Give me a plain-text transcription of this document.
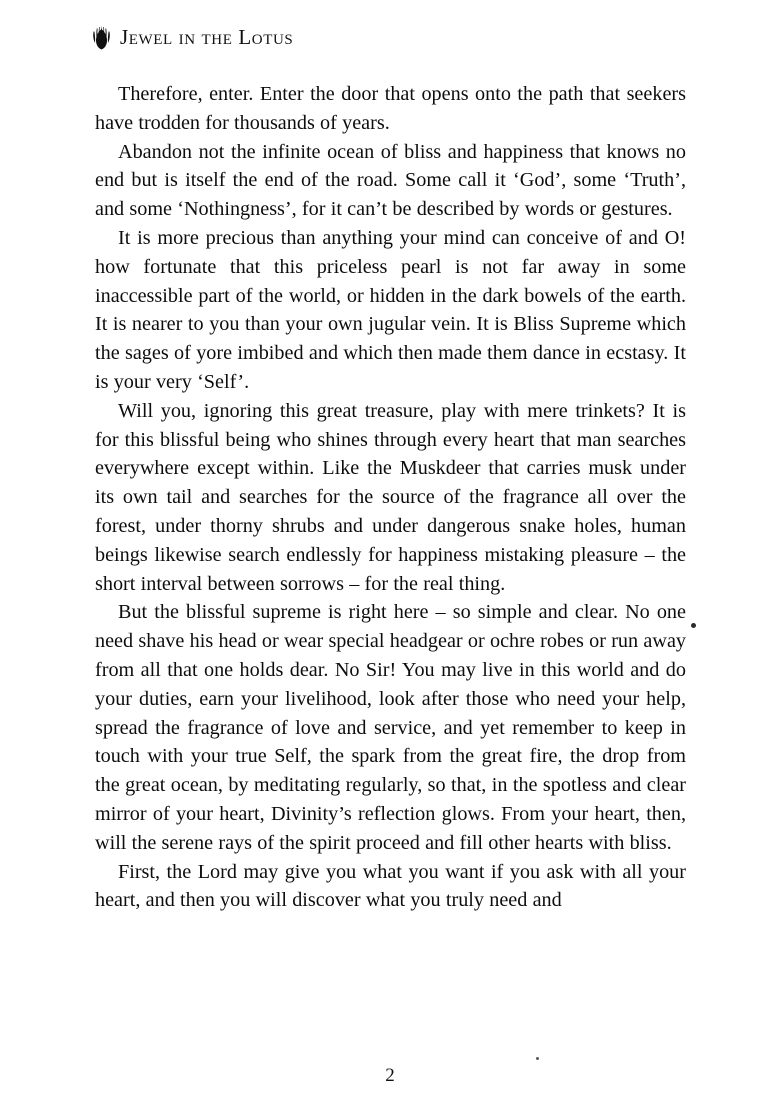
Jewel in the Lotus

Therefore, enter. Enter the door that opens onto the path that seekers have trodden for thousands of years.

Abandon not the infinite ocean of bliss and happiness that knows no end but is itself the end of the road. Some call it ‘God’, some ‘Truth’, and some ‘Nothingness’, for it can’t be described by words or gestures.

It is more precious than anything your mind can conceive of and O! how fortunate that this priceless pearl is not far away in some inaccessible part of the world, or hidden in the dark bowels of the earth. It is nearer to you than your own jugular vein. It is Bliss Supreme which the sages of yore imbibed and which then made them dance in ecstasy. It is your very ‘Self’.

Will you, ignoring this great treasure, play with mere trinkets? It is for this blissful being who shines through every heart that man searches everywhere except within. Like the Muskdeer that carries musk under its own tail and searches for the source of the fragrance all over the forest, under thorny shrubs and under dangerous snake holes, human beings likewise search endlessly for happiness mistaking pleasure – the short interval between sorrows – for the real thing.

But the blissful supreme is right here – so simple and clear. No one need shave his head or wear special headgear or ochre robes or run away from all that one holds dear. No Sir! You may live in this world and do your duties, earn your livelihood, look after those who need your help, spread the fragrance of love and service, and yet remember to keep in touch with your true Self, the spark from the great fire, the drop from the great ocean, by meditating regularly, so that, in the spotless and clear mirror of your heart, Divinity’s reflection glows. From your heart, then, will the serene rays of the spirit proceed and fill other hearts with bliss.

First, the Lord may give you what you want if you ask with all your heart, and then you will discover what you truly need and

2
